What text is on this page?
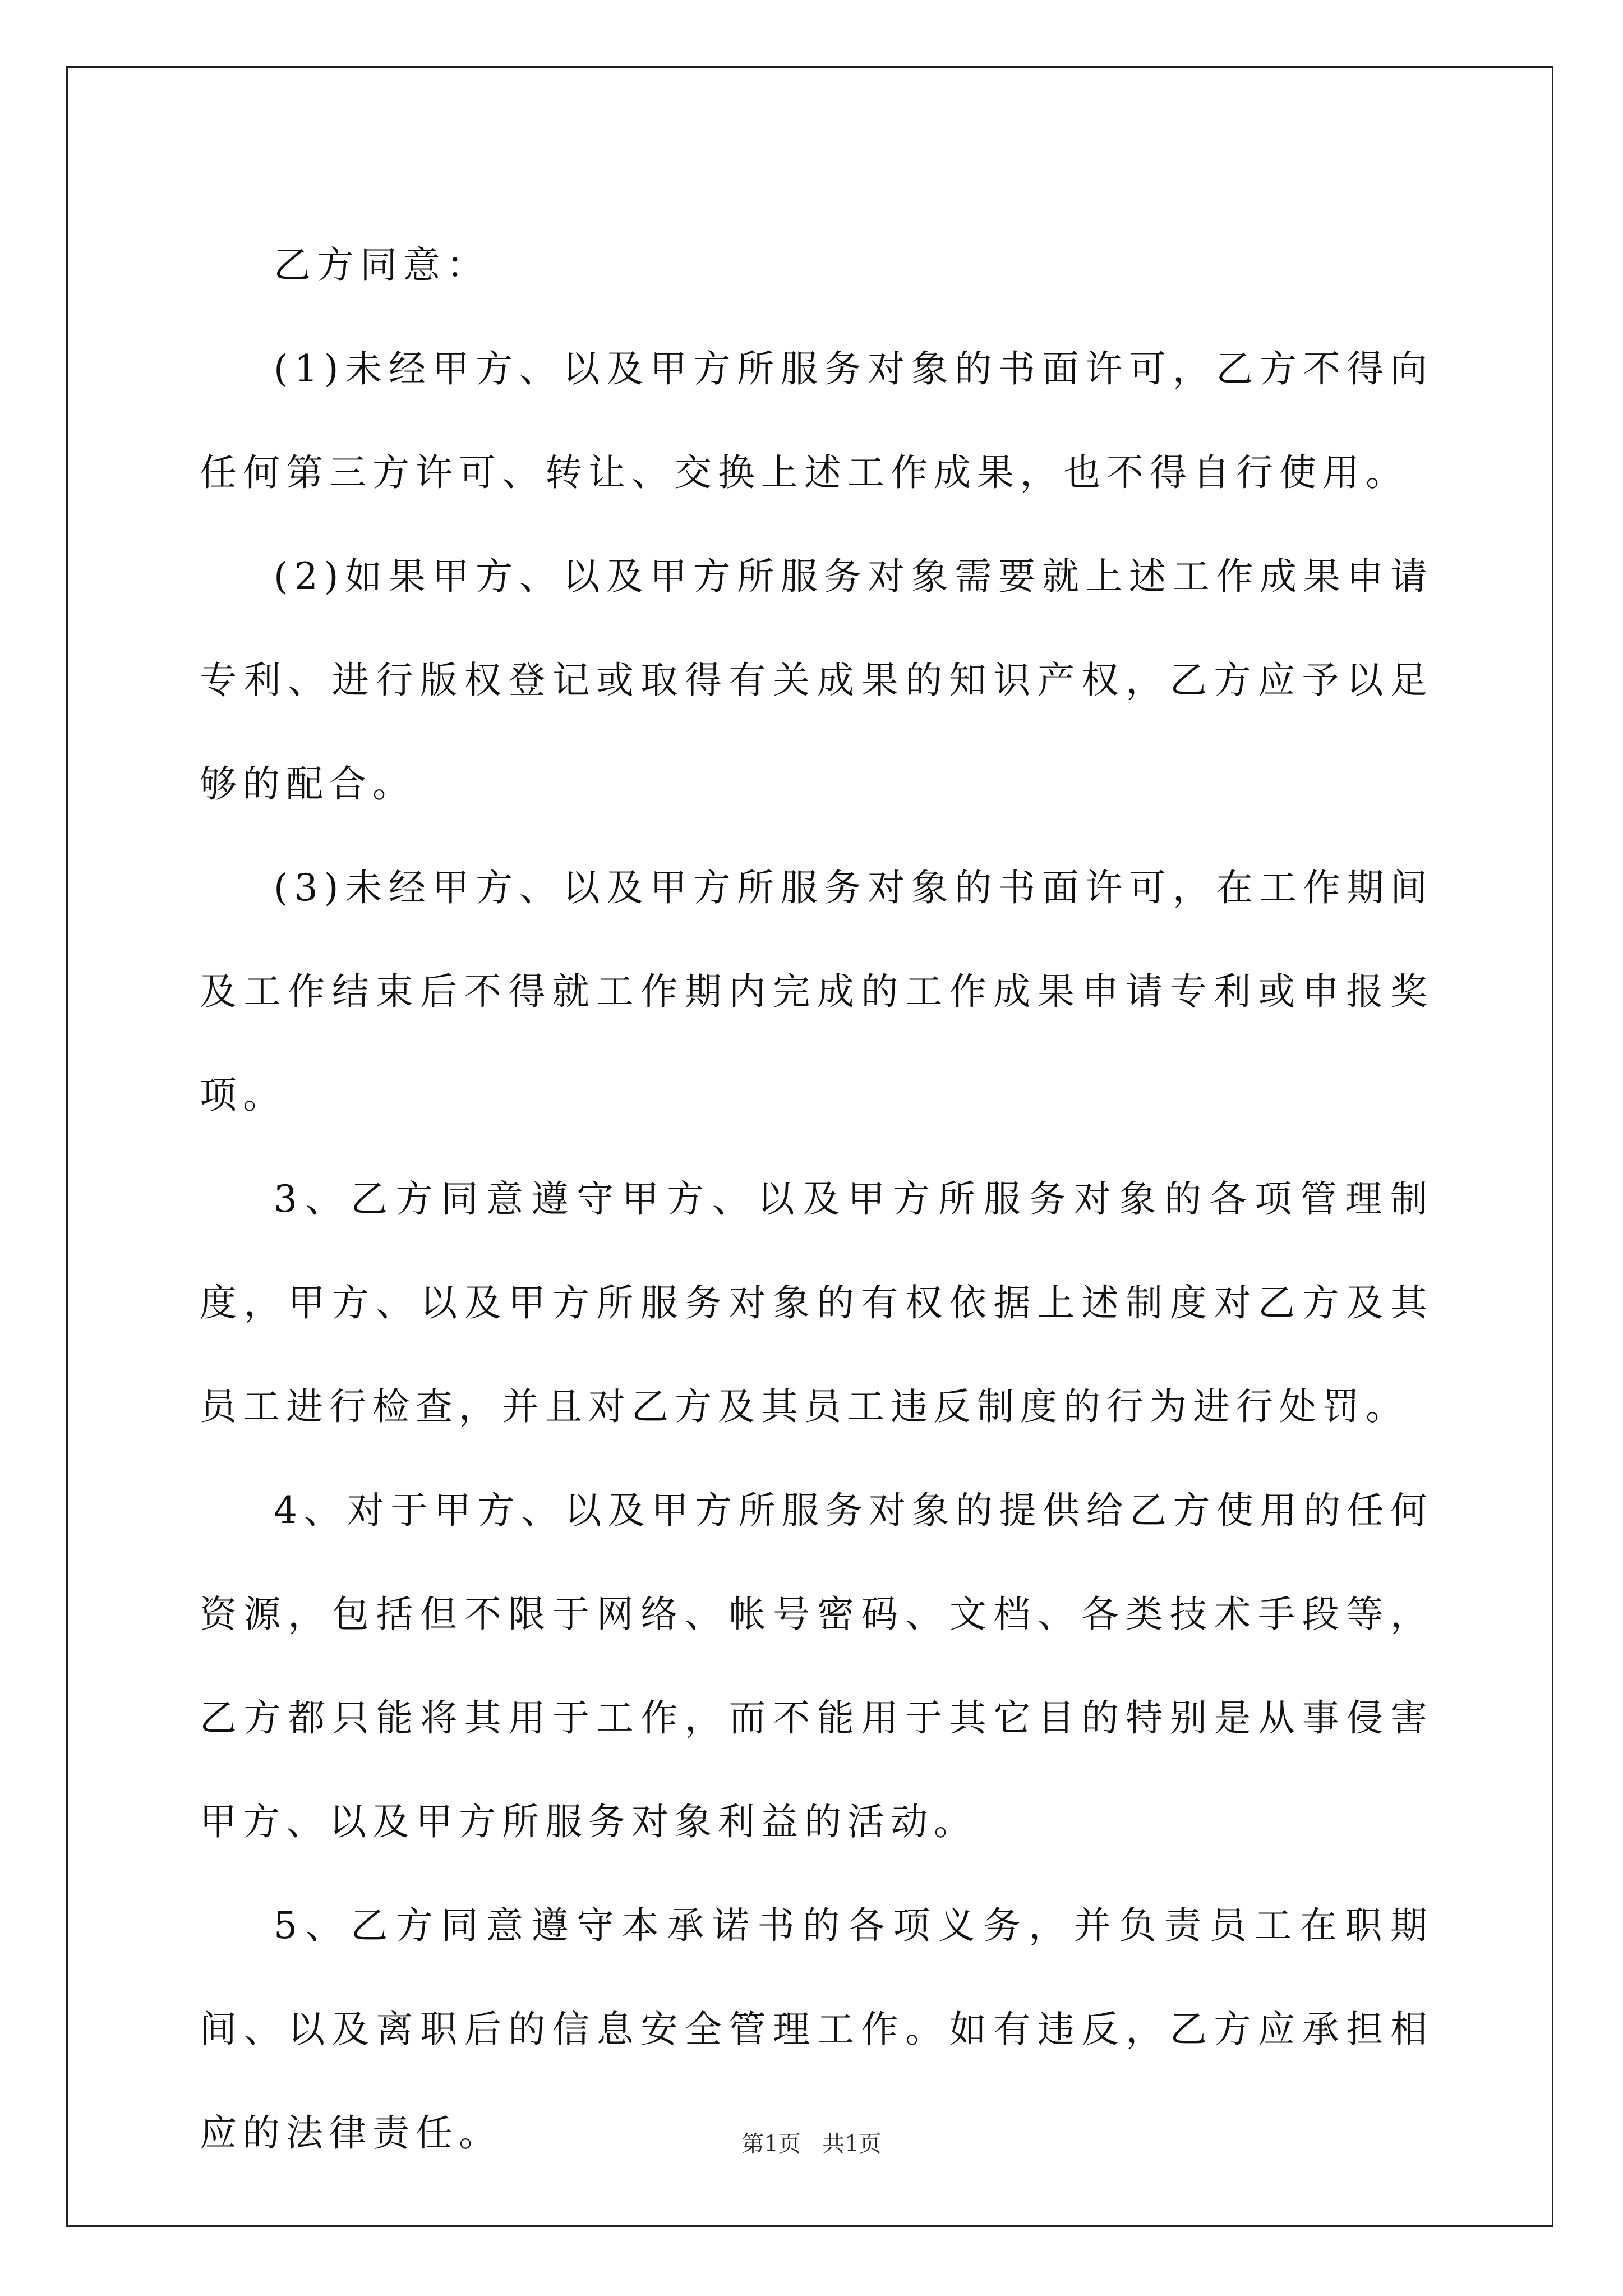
乙方同意：

(1)未经甲方、以及甲方所服务对象的书面许可，乙方不得向任何第三方许可、转让、交换上述工作成果，也不得自行使用。

(2)如果甲方、以及甲方所服务对象需要就上述工作成果申请专利、进行版权登记或取得有关成果的知识产权，乙方应予以足够的配合。

(3)未经甲方、以及甲方所服务对象的书面许可，在工作期间及工作结束后不得就工作期内完成的工作成果申请专利或申报奖项。

3、乙方同意遵守甲方、以及甲方所服务对象的各项管理制度，甲方、以及甲方所服务对象的有权依据上述制度对乙方及其员工进行检查，并且对乙方及其员工违反制度的行为进行处罚。

4、对于甲方、以及甲方所服务对象的提供给乙方使用的任何资源，包括但不限于网络、帐号密码、文档、各类技术手段等，乙方都只能将其用于工作，而不能用于其它目的特别是从事侵害甲方、以及甲方所服务对象利益的活动。

5、乙方同意遵守本承诺书的各项义务，并负责员工在职期间、以及离职后的信息安全管理工作。如有违反，乙方应承担相应的法律责任。	第1页 共1页
